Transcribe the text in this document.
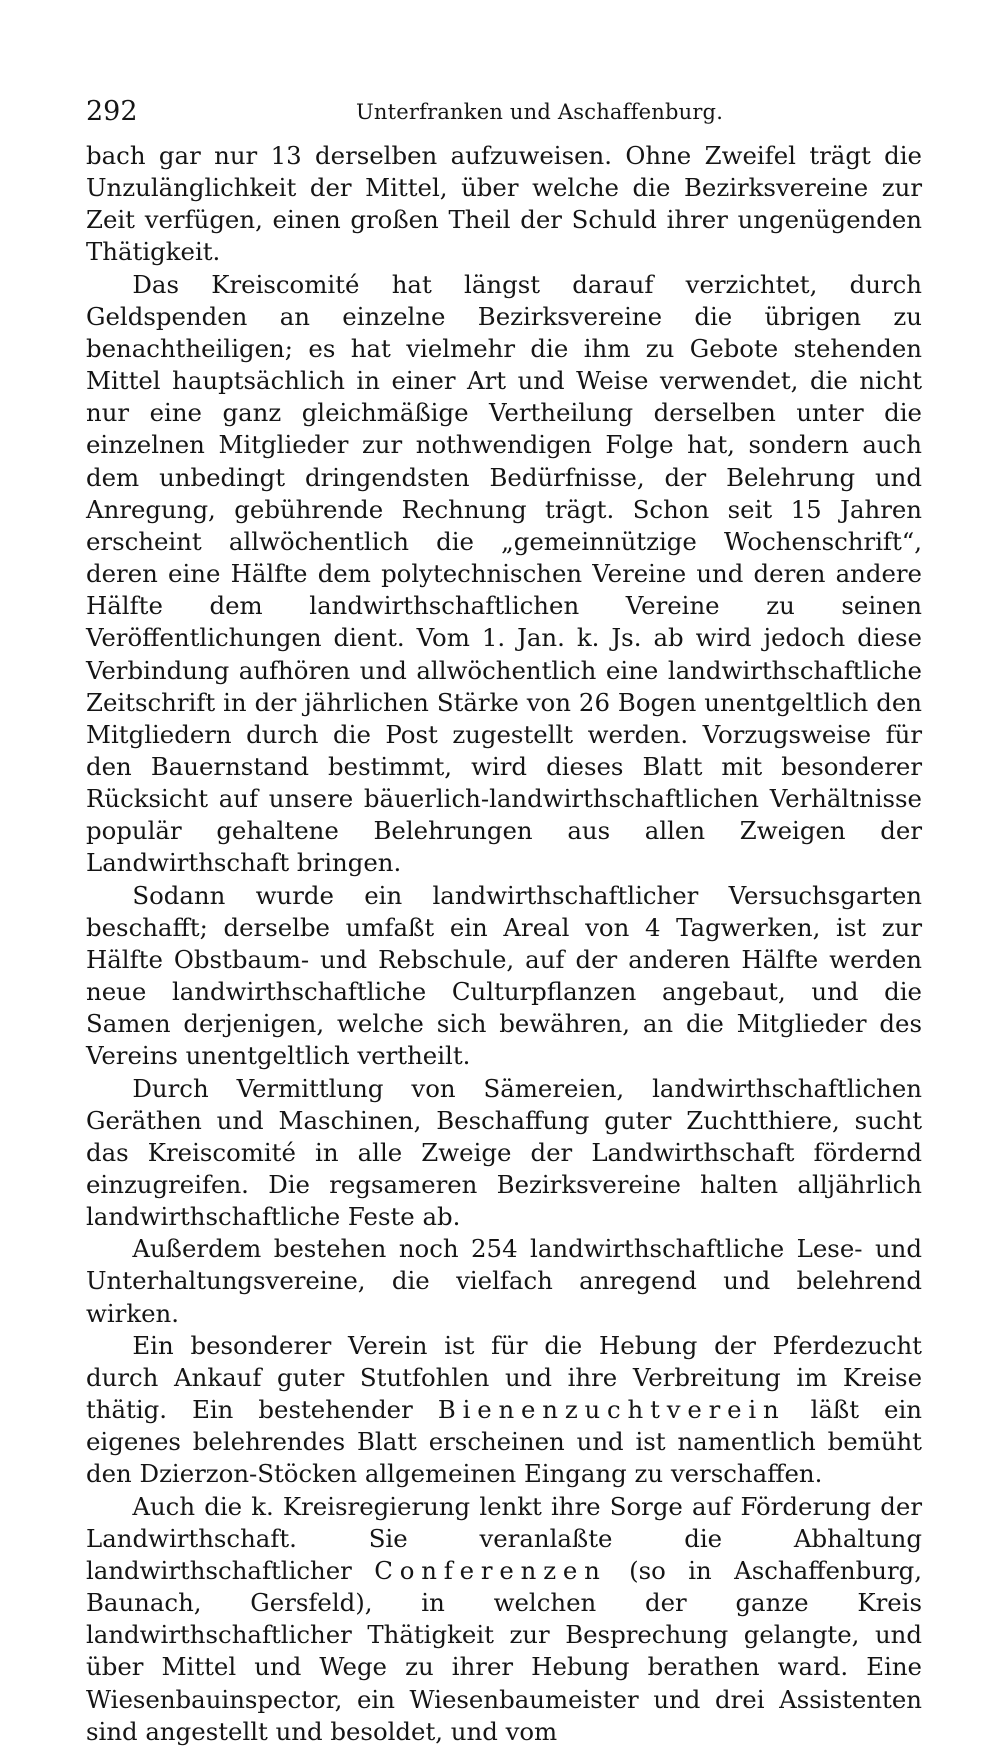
292	Unterfranken und Aschaffenburg.

bach gar nur 13 derselben aufzuweisen. Ohne Zweifel trägt die Unzulänglichkeit der Mittel, über welche die Bezirksvereine zur Zeit verfügen, einen großen Theil der Schuld ihrer ungenügenden Thätigkeit.

Das Kreiscomité hat längst darauf verzichtet, durch Geldspenden an einzelne Bezirksvereine die übrigen zu benachtheiligen; es hat vielmehr die ihm zu Gebote stehenden Mittel hauptsächlich in einer Art und Weise verwendet, die nicht nur eine ganz gleichmäßige Vertheilung derselben unter die einzelnen Mitglieder zur nothwendigen Folge hat, sondern auch dem unbedingt dringendsten Bedürfnisse, der Belehrung und Anregung, gebührende Rechnung trägt. Schon seit 15 Jahren erscheint allwöchentlich die „gemeinnützige Wochenschrift“, deren eine Hälfte dem polytechnischen Vereine und deren andere Hälfte dem landwirthschaftlichen Vereine zu seinen Veröffentlichungen dient. Vom 1. Jan. k. Js. ab wird jedoch diese Verbindung aufhören und allwöchentlich eine landwirthschaftliche Zeitschrift in der jährlichen Stärke von 26 Bogen unentgeltlich den Mitgliedern durch die Post zugestellt werden. Vorzugsweise für den Bauernstand bestimmt, wird dieses Blatt mit besonderer Rücksicht auf unsere bäuerlich-landwirthschaftlichen Verhältnisse populär gehaltene Belehrungen aus allen Zweigen der Landwirthschaft bringen.

Sodann wurde ein landwirthschaftlicher Versuchsgarten beschafft; derselbe umfaßt ein Areal von 4 Tagwerken, ist zur Hälfte Obstbaum- und Rebschule, auf der anderen Hälfte werden neue landwirthschaftliche Culturpflanzen angebaut, und die Samen derjenigen, welche sich bewähren, an die Mitglieder des Vereins unentgeltlich vertheilt.

Durch Vermittlung von Sämereien, landwirthschaftlichen Geräthen und Maschinen, Beschaffung guter Zuchtthiere, sucht das Kreiscomité in alle Zweige der Landwirthschaft fördernd einzugreifen. Die regsameren Bezirksvereine halten alljährlich landwirthschaftliche Feste ab.

Außerdem bestehen noch 254 landwirthschaftliche Lese- und Unterhaltungsvereine, die vielfach anregend und belehrend wirken.

Ein besonderer Verein ist für die Hebung der Pferdezucht durch Ankauf guter Stutfohlen und ihre Verbreitung im Kreise thätig. Ein bestehender Bienenzuchtverein läßt ein eigenes belehrendes Blatt erscheinen und ist namentlich bemüht den Dzierzon-Stöcken allgemeinen Eingang zu verschaffen.

Auch die k. Kreisregierung lenkt ihre Sorge auf Förderung der Landwirthschaft. Sie veranlaßte die Abhaltung landwirthschaftlicher Conferenzen (so in Aschaffenburg, Baunach, Gersfeld), in welchen der ganze Kreis landwirthschaftlicher Thätigkeit zur Besprechung gelangte, und über Mittel und Wege zu ihrer Hebung berathen ward. Eine Wiesenbauinspector, ein Wiesenbaumeister und drei Assistenten sind angestellt und besoldet, und vom
